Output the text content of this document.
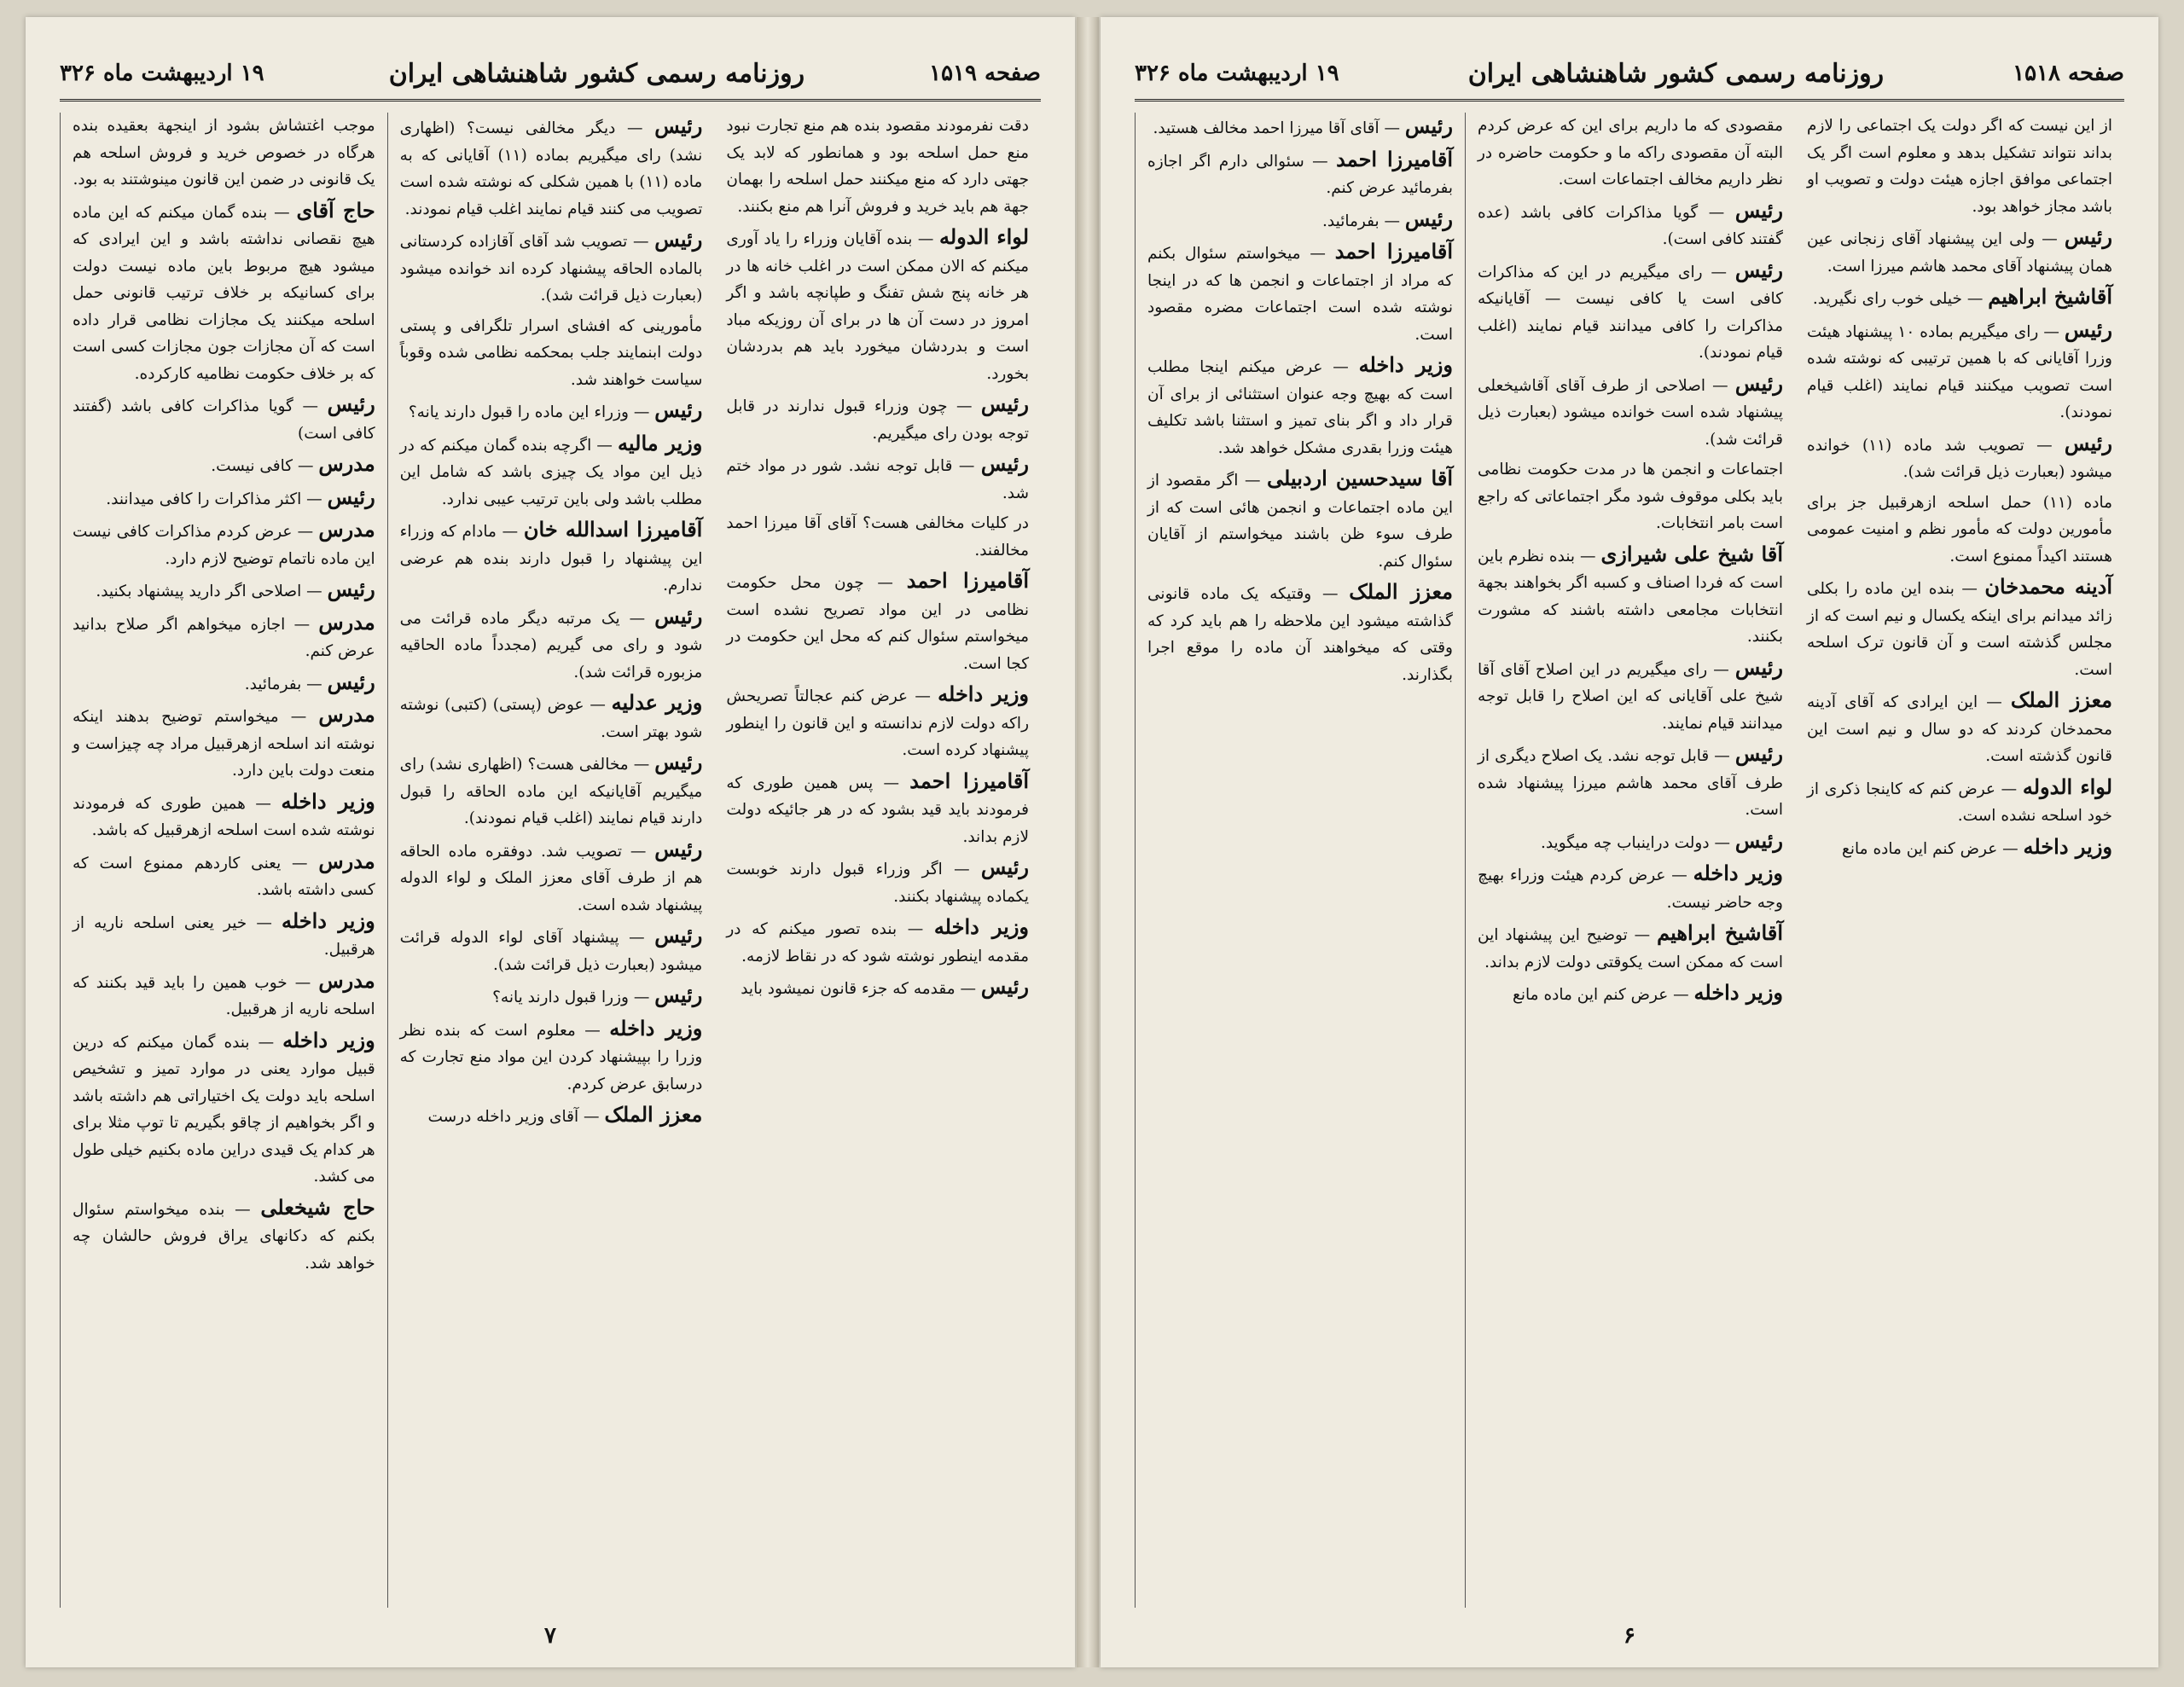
صفحه ۱۵۱۹
روزنامه رسمی کشور شاهنشاهی ایران
۱۹ اردیبهشت ماه ۳۲۶

موجب اغتشاش بشود از اینجهة بعقیده بنده هرگاه در خصوص خرید و فروش اسلحه هم یک قانونی در ضمن این قانون مینوشتند به بود.

حاج آقای — بنده گمان میکنم که این ماده هیچ نقصانی نداشته باشد و این ایرادی که میشود هیچ مربوط باین ماده نیست دولت برای کسانیکه بر خلاف ترتیب قانونی حمل اسلحه میکنند یک مجازات نظامی قرار داده است که آن مجازات جون مجازات کسی است که بر خلاف حکومت نظامیه کارکرده.

رئیس — گویا مذاکرات کافی باشد (گفتند کافی است)

مدرس — کافی نیست.

رئیس — اکثر مذاکرات را کافی میدانند.

مدرس — عرض کردم مذاکرات کافی نیست این ماده ناتمام توضیح لازم دارد.

رئیس — اصلاحی اگر دارید پیشنهاد بکنید.

مدرس — اجازه میخواهم اگر صلاح بدانید عرض کنم.

رئیس — بفرمائید.

مدرس — میخواستم توضیح بدهند اینکه نوشته اند اسلحه ازهرقبیل مراد چه چیزاست و منعت دولت باین دارد.

وزیر داخله — همین طوری که فرمودند نوشته شده است اسلحه ازهرقبیل که باشد.

مدرس — یعنی کاردهم ممنوع است که کسی داشته باشد.

وزیر داخله — خیر یعنی اسلحه ناریه از هرقبیل.

مدرس — خوب همین را باید قید بکنند که اسلحه ناریه از هرقبیل.

وزیر داخله — بنده گمان میکنم که درین قبیل موارد یعنی در موارد تمیز و تشخیص اسلحه باید دولت یک اختیاراتی هم داشته باشد و اگر بخواهیم از چاقو بگیریم تا توپ مثلا برای هر کدام یک قیدی دراین ماده بکنیم خیلی طول می کشد.

حاج شیخعلی — بنده میخواستم سئوال بکنم که دکانهای یراق فروش حالشان چه خواهد شد.

رئیس — دیگر مخالفی نیست؟ (اظهاری نشد) رای میگیریم بماده (۱۱) آقایانی که به ماده (۱۱) با همین شکلی که نوشته شده است تصویب می کنند قیام نمایند اغلب قیام نمودند.

رئیس — تصویب شد آقای آقازاده کردستانی بالماده الحاقه پیشنهاد کرده اند خوانده میشود (بعبارت ذیل قرائت شد).

مأمورینی که افشای اسرار تلگرافی و پستی دولت ابنمایند جلب بمحکمه نظامی شده وقوباً سیاست خواهند شد.

رئیس — وزراء این ماده را قبول دارند یانه؟

وزیر مالیه — اگرچه بنده گمان میکنم که در ذیل این مواد یک چیزی باشد که شامل این مطلب باشد ولی باین ترتیب عیبی ندارد.

آقامیرزا اسدالله خان — مادام که وزراء این پیشنهاد را قبول دارند بنده هم عرضی ندارم.

رئیس — یک مرتبه دیگر ماده قرائت می شود و رای می گیریم (مجدداً ماده الحاقیه مزبوره قرائت شد).

وزیر عدلیه — عوض (پستی) (کتبی) نوشته شود بهتر است.

رئیس — مخالفی هست؟ (اظهاری نشد) رای میگیریم آقایانیکه این ماده الحاقه را قبول دارند قیام نمایند (اغلب قیام نمودند).

رئیس — تصویب شد. دوفقره ماده الحاقه هم از طرف آقای معزز الملک و لواء الدوله پیشنهاد شده است.

رئیس — پیشنهاد آقای لواء الدوله قرائت میشود (بعبارت ذیل قرائت شد).

رئیس — وزرا قبول دارند یانه؟

وزیر داخله — معلوم است که بنده نظر وزرا را بپیشنهاد کردن این مواد منع تجارت که درسابق عرض کردم.

معزز الملک — آقای وزیر داخله درست

دقت نفرمودند مقصود بنده هم منع تجارت نبود منع حمل اسلحه بود و همانطور که لابد یک جهتی دارد که منع میکنند حمل اسلحه را بهمان جهة هم باید خرید و فروش آنرا هم منع بکنند.

لواء الدوله — بنده آقایان وزراء را یاد آوری میکنم که الان ممکن است در اغلب خانه ها در هر خانه پنج شش تفنگ و طپانچه باشد و اگر امروز در دست آن ها در برای آن روزیکه مباد است و بدردشان میخورد باید هم بدردشان بخورد.

رئیس — چون وزراء قبول ندارند در قابل توجه بودن رای میگیریم.

رئیس — قابل توجه نشد. شور در مواد ختم شد.

در کلیات مخالفی هست؟ آقای آقا میرزا احمد مخالفند.

آقامیرزا احمد — چون محل حکومت نظامی در این مواد تصریح نشده است میخواستم سئوال کنم که محل این حکومت در کجا است.

وزیر داخله — عرض کنم عجالتاً تصریحش راکه دولت لازم ندانسته و این قانون را اینطور پیشنهاد کرده است.

آقامیرزا احمد — پس همین طوری که فرمودند باید قید بشود که در هر جائیکه دولت لازم بداند.

رئیس — اگر وزراء قبول دارند خوبست یکماده پیشنهاد بکنند.

وزیر داخله — بنده تصور میکنم که در مقدمه اینطور نوشته شود که در نقاط لازمه.

رئیس — مقدمه که جزء قانون نمیشود باید

۷
صفحه ۱۵۱۸
روزنامه رسمی کشور شاهنشاهی ایران
۱۹ اردیبهشت ماه ۳۲۶

رئیس — آقای آقا میرزا احمد مخالف هستید.

آقامیرزا احمد — سئوالی دارم اگر اجازه بفرمائید عرض کنم.

رئیس — بفرمائید.

آقامیرزا احمد — میخواستم سئوال بکنم که مراد از اجتماعات و انجمن ها که در اینجا نوشته شده است اجتماعات مضره مقصود است.

وزیر داخله — عرض میکنم اینجا مطلب است که بهیچ وجه عنوان استثنائی از برای آن قرار داد و اگر بنای تمیز و استثنا باشد تکلیف هیئت وزرا بقدری مشکل خواهد شد.

آقا سیدحسین اردبیلی — اگر مقصود از این ماده اجتماعات و انجمن هائی است که از طرف سوء ظن باشند میخواستم از آقایان سئوال کنم.

معزز الملک — وقتیکه یک ماده قانونی گذاشته میشود این ملاحظه را هم باید کرد که وقتی که میخواهند آن ماده را موقع اجرا بگذارند.

مقصودی که ما داریم برای این که عرض کردم البته آن مقصودی راکه ما و حکومت حاضره در نظر داریم مخالف اجتماعات است.

رئیس — گویا مذاکرات کافی باشد (عده گفتند کافی است).

رئیس — رای میگیریم در این که مذاکرات کافی است یا کافی نیست — آقایانیکه مذاکرات را کافی میدانند قیام نمایند (اغلب قیام نمودند).

رئیس — اصلاحی از طرف آقای آقاشیخعلی پیشنهاد شده است خوانده میشود (بعبارت ذیل قرائت شد).

اجتماعات و انجمن ها در مدت حکومت نظامی باید بکلی موقوف شود مگر اجتماعاتی که راجع است بامر انتخابات.

آقا شیخ علی شیرازی — بنده نظرم باین است که فردا اصناف و کسبه اگر بخواهند بجهة انتخابات مجامعی داشته باشند که مشورت بکنند.

رئیس — رای میگیریم در این اصلاح آقای آقا شیخ علی آقایانی که این اصلاح را قابل توجه میدانند قیام نمایند.

رئیس — قابل توجه نشد. یک اصلاح دیگری از طرف آقای محمد هاشم میرزا پیشنهاد شده است.

رئیس — دولت دراینباب چه میگوید.

وزیر داخله — عرض کردم هیئت وزراء بهیچ وجه حاضر نیست.

آقاشیخ ابراهیم — توضیح این پیشنهاد این است که ممکن است یکوقتی دولت لازم بداند.

وزیر داخله — عرض کنم این ماده مانع

از این نیست که اگر دولت یک اجتماعی را لازم بداند نتواند تشکیل بدهد و معلوم است اگر یک اجتماعی موافق اجازه هیئت دولت و تصویب او باشد مجاز خواهد بود.

رئیس — ولی این پیشنهاد آقای زنجانی عین همان پیشنهاد آقای محمد هاشم میرزا است.

آقاشیخ ابراهیم — خیلی خوب رای نگیرید.

رئیس — رای میگیریم بماده ۱۰ پیشنهاد هیئت وزرا آقایانی که با همین ترتیبی که نوشته شده است تصویب میکنند قیام نمایند (اغلب قیام نمودند).

رئیس — تصویب شد ماده (۱۱) خوانده میشود (بعبارت ذیل قرائت شد).

ماده (۱۱) حمل اسلحه ازهرقبیل جز برای مأمورین دولت که مأمور نظم و امنیت عمومی هستند اکیداً ممنوع است.

آدینه محمدخان — بنده این ماده را بکلی زائد میدانم برای اینکه یکسال و نیم است که از مجلس گذشته است و آن قانون ترک اسلحه است.

معزز الملک — این ایرادی که آقای آدینه محمدخان کردند که دو سال و نیم است این قانون گذشته است.

لواء الدوله — عرض کنم که کاینجا ذکری از خود اسلحه نشده است.

وزیر داخله — عرض کنم این ماده مانع

۶
